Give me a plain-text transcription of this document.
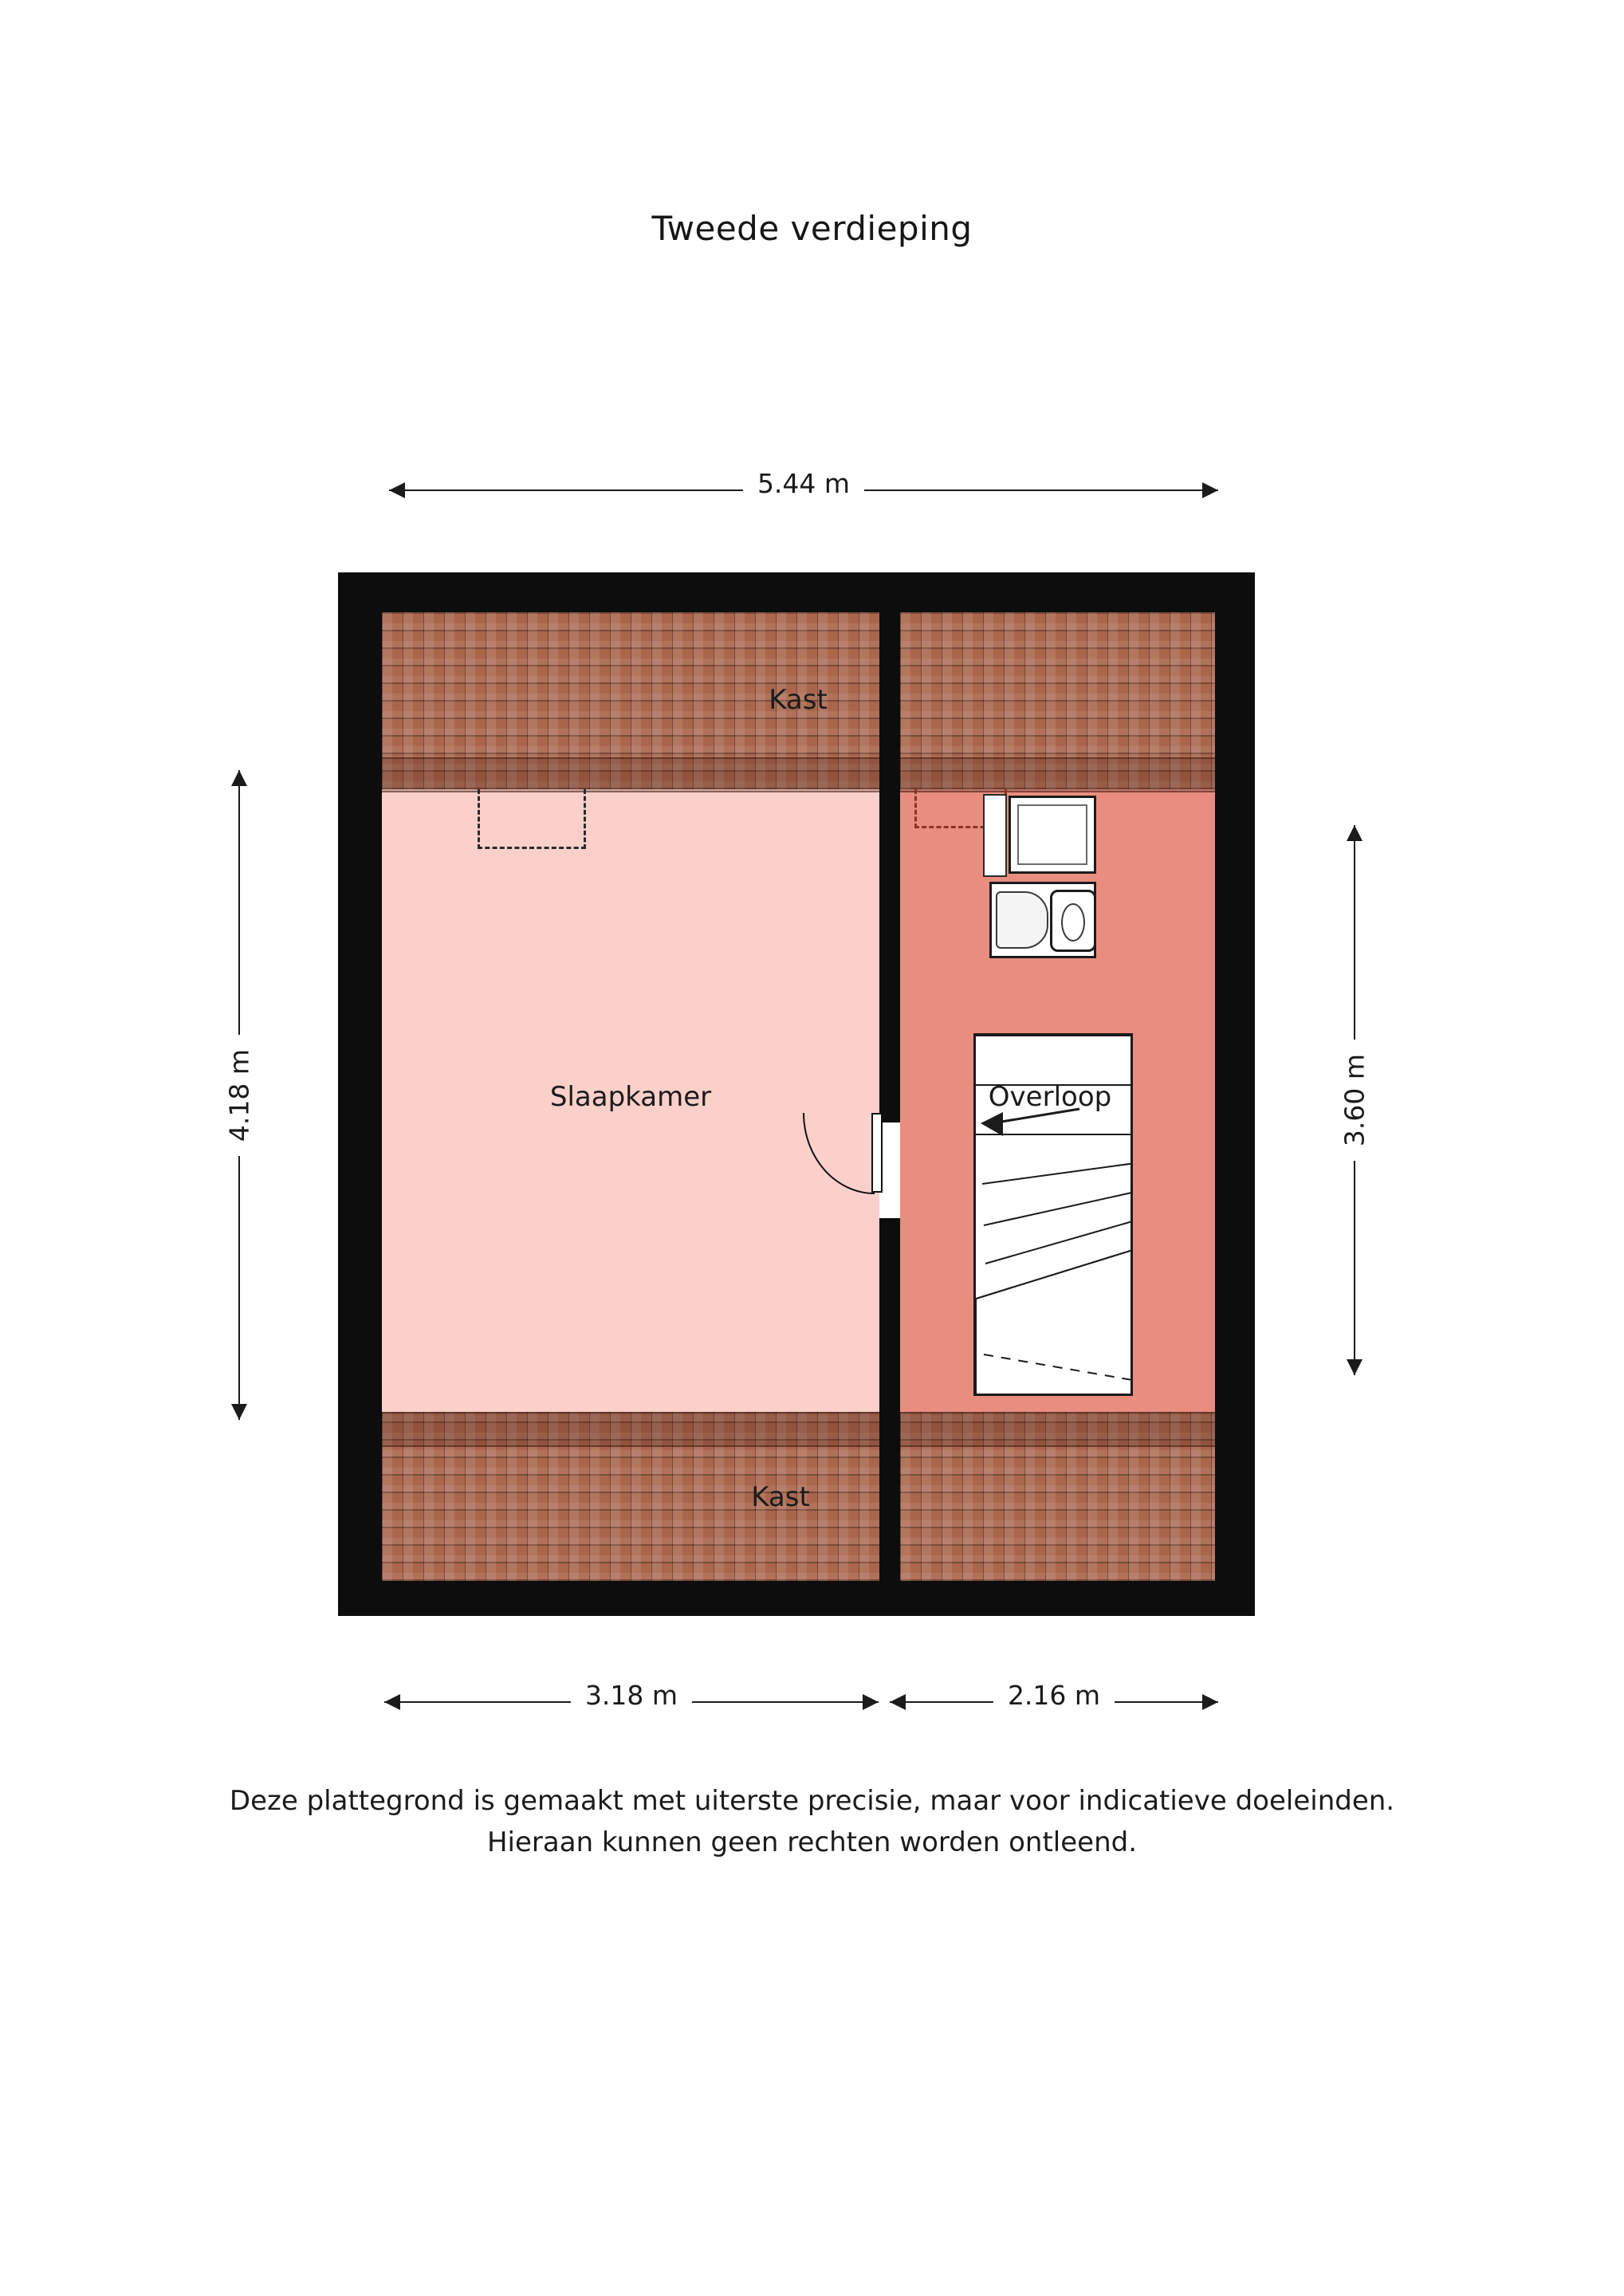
Tweede verdieping
5.44 m
4.18 m	3.60 m
Kast
Kast
Slaapkamer	Overloop
3.18 m	2.16 m
Deze plattegrond is gemaakt met uiterste precisie, maar voor indicatieve doeleinden.
Hieraan kunnen geen rechten worden ontleend.
